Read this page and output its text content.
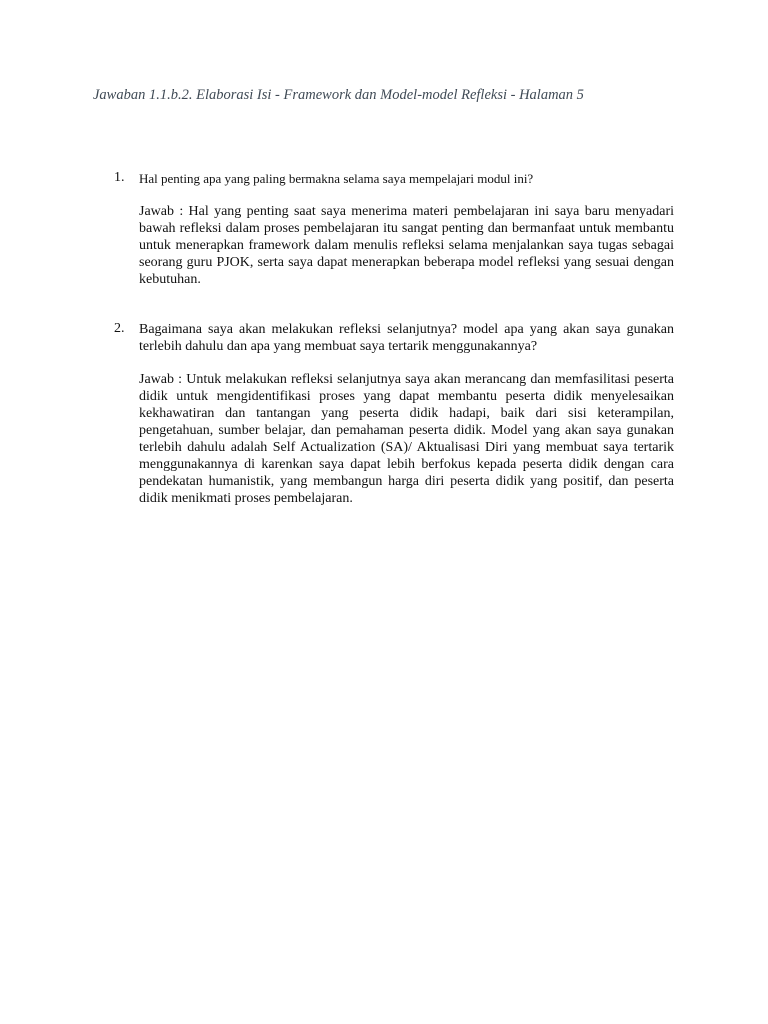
Jawaban 1.1.b.2. Elaborasi Isi - Framework dan Model-model Refleksi - Halaman 5
1. Hal penting apa yang paling bermakna selama saya mempelajari modul ini?
Jawab : Hal yang penting saat saya menerima materi pembelajaran ini saya baru menyadari bawah refleksi dalam proses pembelajaran itu sangat penting dan bermanfaat untuk membantu untuk menerapkan framework dalam menulis refleksi selama menjalankan saya tugas sebagai seorang guru PJOK, serta saya dapat menerapkan beberapa model refleksi yang sesuai dengan kebutuhan.
2. Bagaimana saya akan melakukan refleksi selanjutnya? model apa yang akan saya gunakan terlebih dahulu dan apa yang membuat saya tertarik menggunakannya?
Jawab : Untuk melakukan refleksi selanjutnya saya akan merancang dan memfasilitasi peserta didik untuk mengidentifikasi proses yang dapat membantu peserta didik menyelesaikan kekhawatiran dan tantangan yang peserta didik hadapi, baik dari sisi keterampilan, pengetahuan, sumber belajar, dan pemahaman peserta didik. Model yang akan saya gunakan terlebih dahulu adalah Self Actualization (SA)/ Aktualisasi Diri yang membuat saya tertarik menggunakannya di karenkan saya dapat lebih berfokus kepada peserta didik dengan cara pendekatan humanistik, yang membangun harga diri peserta didik yang positif, dan peserta didik menikmati proses pembelajaran.
